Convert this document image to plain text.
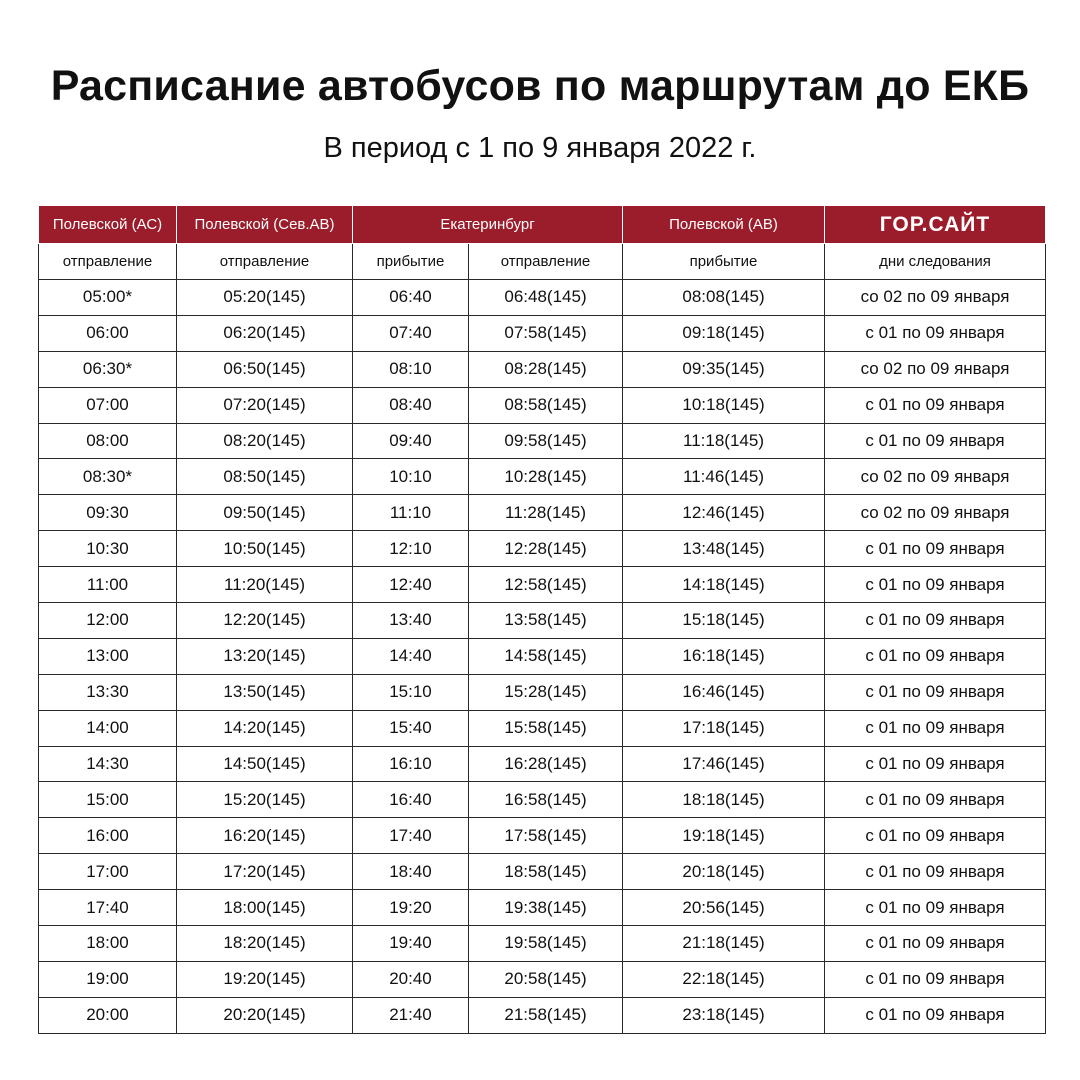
Расписание автобусов по маршрутам до ЕКБ

В период с 1 по 9 января 2022 г.

Полевской (АС)	Полевской (Сев.АВ)	Екатеринбург		Полевской (АВ)	ГОР.САЙТ
отправление	отправление	прибытие	отправление	прибытие	дни следования
05:00*	05:20(145)	06:40	06:48(145)	08:08(145)	со 02 по 09 января
06:00	06:20(145)	07:40	07:58(145)	09:18(145)	с 01 по 09 января
06:30*	06:50(145)	08:10	08:28(145)	09:35(145)	со 02 по 09 января
07:00	07:20(145)	08:40	08:58(145)	10:18(145)	с 01 по 09 января
08:00	08:20(145)	09:40	09:58(145)	11:18(145)	с 01 по 09 января
08:30*	08:50(145)	10:10	10:28(145)	11:46(145)	со 02 по 09 января
09:30	09:50(145)	11:10	11:28(145)	12:46(145)	со 02 по 09 января
10:30	10:50(145)	12:10	12:28(145)	13:48(145)	с 01 по 09 января
11:00	11:20(145)	12:40	12:58(145)	14:18(145)	с 01 по 09 января
12:00	12:20(145)	13:40	13:58(145)	15:18(145)	с 01 по 09 января
13:00	13:20(145)	14:40	14:58(145)	16:18(145)	с 01 по 09 января
13:30	13:50(145)	15:10	15:28(145)	16:46(145)	с 01 по 09 января
14:00	14:20(145)	15:40	15:58(145)	17:18(145)	с 01 по 09 января
14:30	14:50(145)	16:10	16:28(145)	17:46(145)	с 01 по 09 января
15:00	15:20(145)	16:40	16:58(145)	18:18(145)	с 01 по 09 января
16:00	16:20(145)	17:40	17:58(145)	19:18(145)	с 01 по 09 января
17:00	17:20(145)	18:40	18:58(145)	20:18(145)	с 01 по 09 января
17:40	18:00(145)	19:20	19:38(145)	20:56(145)	с 01 по 09 января
18:00	18:20(145)	19:40	19:58(145)	21:18(145)	с 01 по 09 января
19:00	19:20(145)	20:40	20:58(145)	22:18(145)	с 01 по 09 января
20:00	20:20(145)	21:40	21:58(145)	23:18(145)	с 01 по 09 января
